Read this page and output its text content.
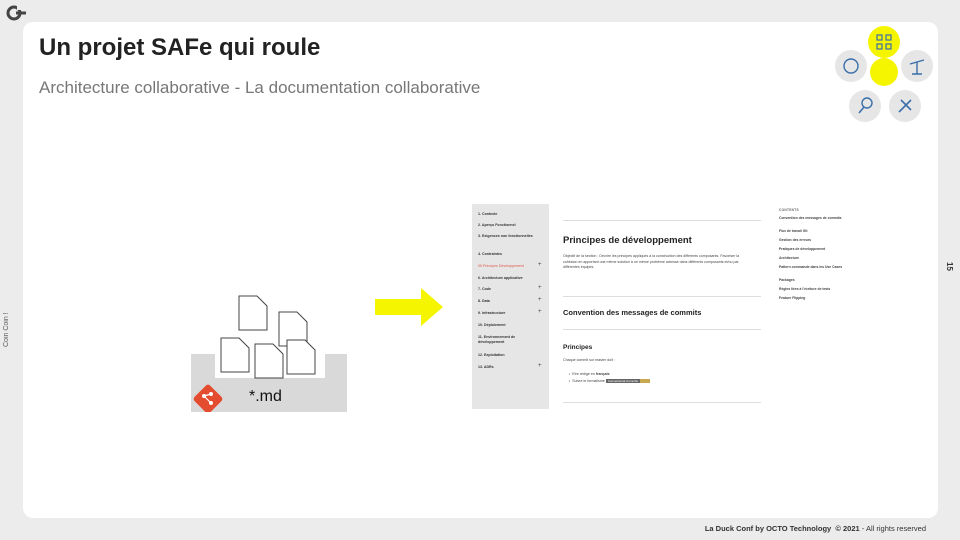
Coin Coin !
15
Un projet SAFe qui roule
Architecture collaborative - La documentation collaborative
*.md
1. Contexte
2. Aperçu Fonctionnel
3. Exigences non fonctionnelles
4. Contraintes
05 Principes Développement	+
6. Architecture applicative
7. Code	+
8. Data	+
9. Infrastructure	+
10. Déploiement
11. Environnement de développement
12. Exploitation
13. ADRs	+
Principes de développement
Objectif de la section : Décrire les principes appliqués à la construction des différents composants. Favoriser la cohésion en apportant une même solution à un même problème adressé dans différents composants et/ou par différentes équipes.
Convention des messages de commits
Principes
Chaque commit sur master doit :
•  Etre rédigé en français
•  Suivre le formalisme Conventional Commits
CONTENTS
Convention des messages de commits
Flux de travail Git
Gestion des erreurs
Pratiques de développement
Architecture
Pattern commande dans les Use Cases
Packages
Règles liées à l'écriture de tests
Feature Flipping
La Duck Conf by OCTO Technology © 2021 - All rights reserved
